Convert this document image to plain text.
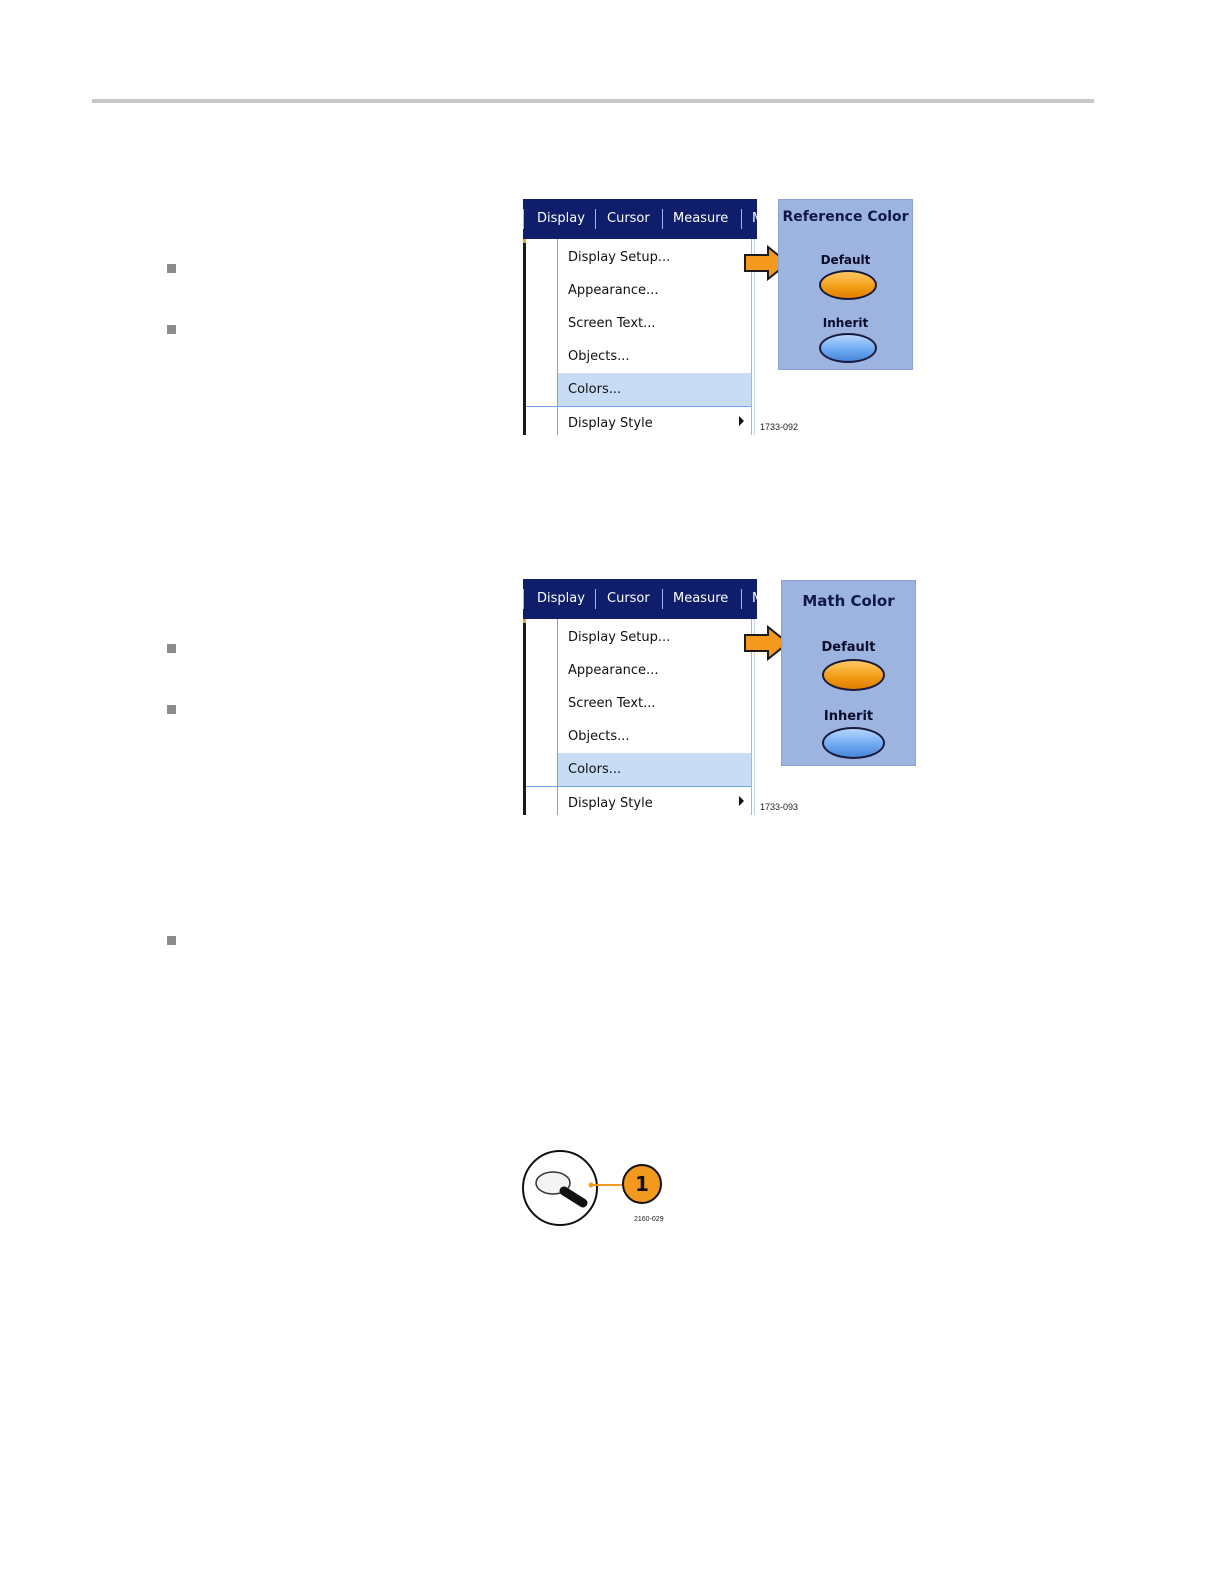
Display Cursor Measure M
Display Setup...
Appearance...
Screen Text...
Objects...
Colors...
Display Style	1733-092
Reference Color
Default
Inherit
Display Cursor Measure M
Display Setup...
Appearance...
Screen Text...
Objects...
Colors...
Display Style	1733-093
Math Color
Default
Inherit
1
2160-029
